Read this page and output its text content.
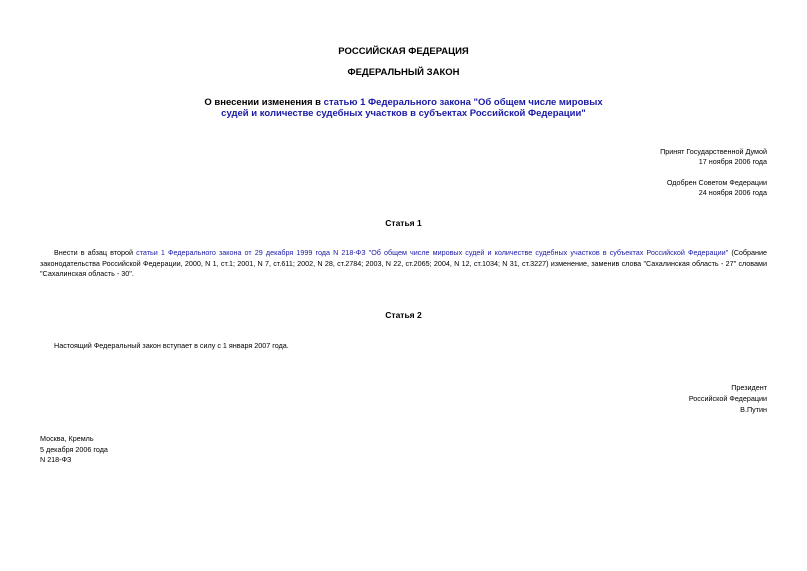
РОССИЙСКАЯ ФЕДЕРАЦИЯ
ФЕДЕРАЛЬНЫЙ ЗАКОН
О внесении изменения в статью 1 Федерального закона "Об общем числе мировых
судей и количестве судебных участков в субъектах Российской Федерации"
Принят Государственной Думой
17 ноября 2006 года
Одобрен Советом Федерации
24 ноября 2006 года
Статья 1
Внести в абзац второй статьи 1 Федерального закона от 29 декабря 1999 года N 218-ФЗ "Об общем числе мировых судей и количестве судебных участков в субъектах Российской Федерации" (Собрание законодательства Российской Федерации, 2000, N 1, ст.1; 2001, N 7, ст.611; 2002, N 28, ст.2784; 2003, N 22, ст.2065; 2004, N 12, ст.1034; N 31, ст.3227) изменение, заменив слова "Сахалинская область - 27" словами "Сахалинская область - 30".
Статья 2
Настоящий Федеральный закон вступает в силу с 1 января 2007 года.
Президент
Российской Федерации
В.Путин
Москва, Кремль
5 декабря 2006 года
N 218-ФЗ
